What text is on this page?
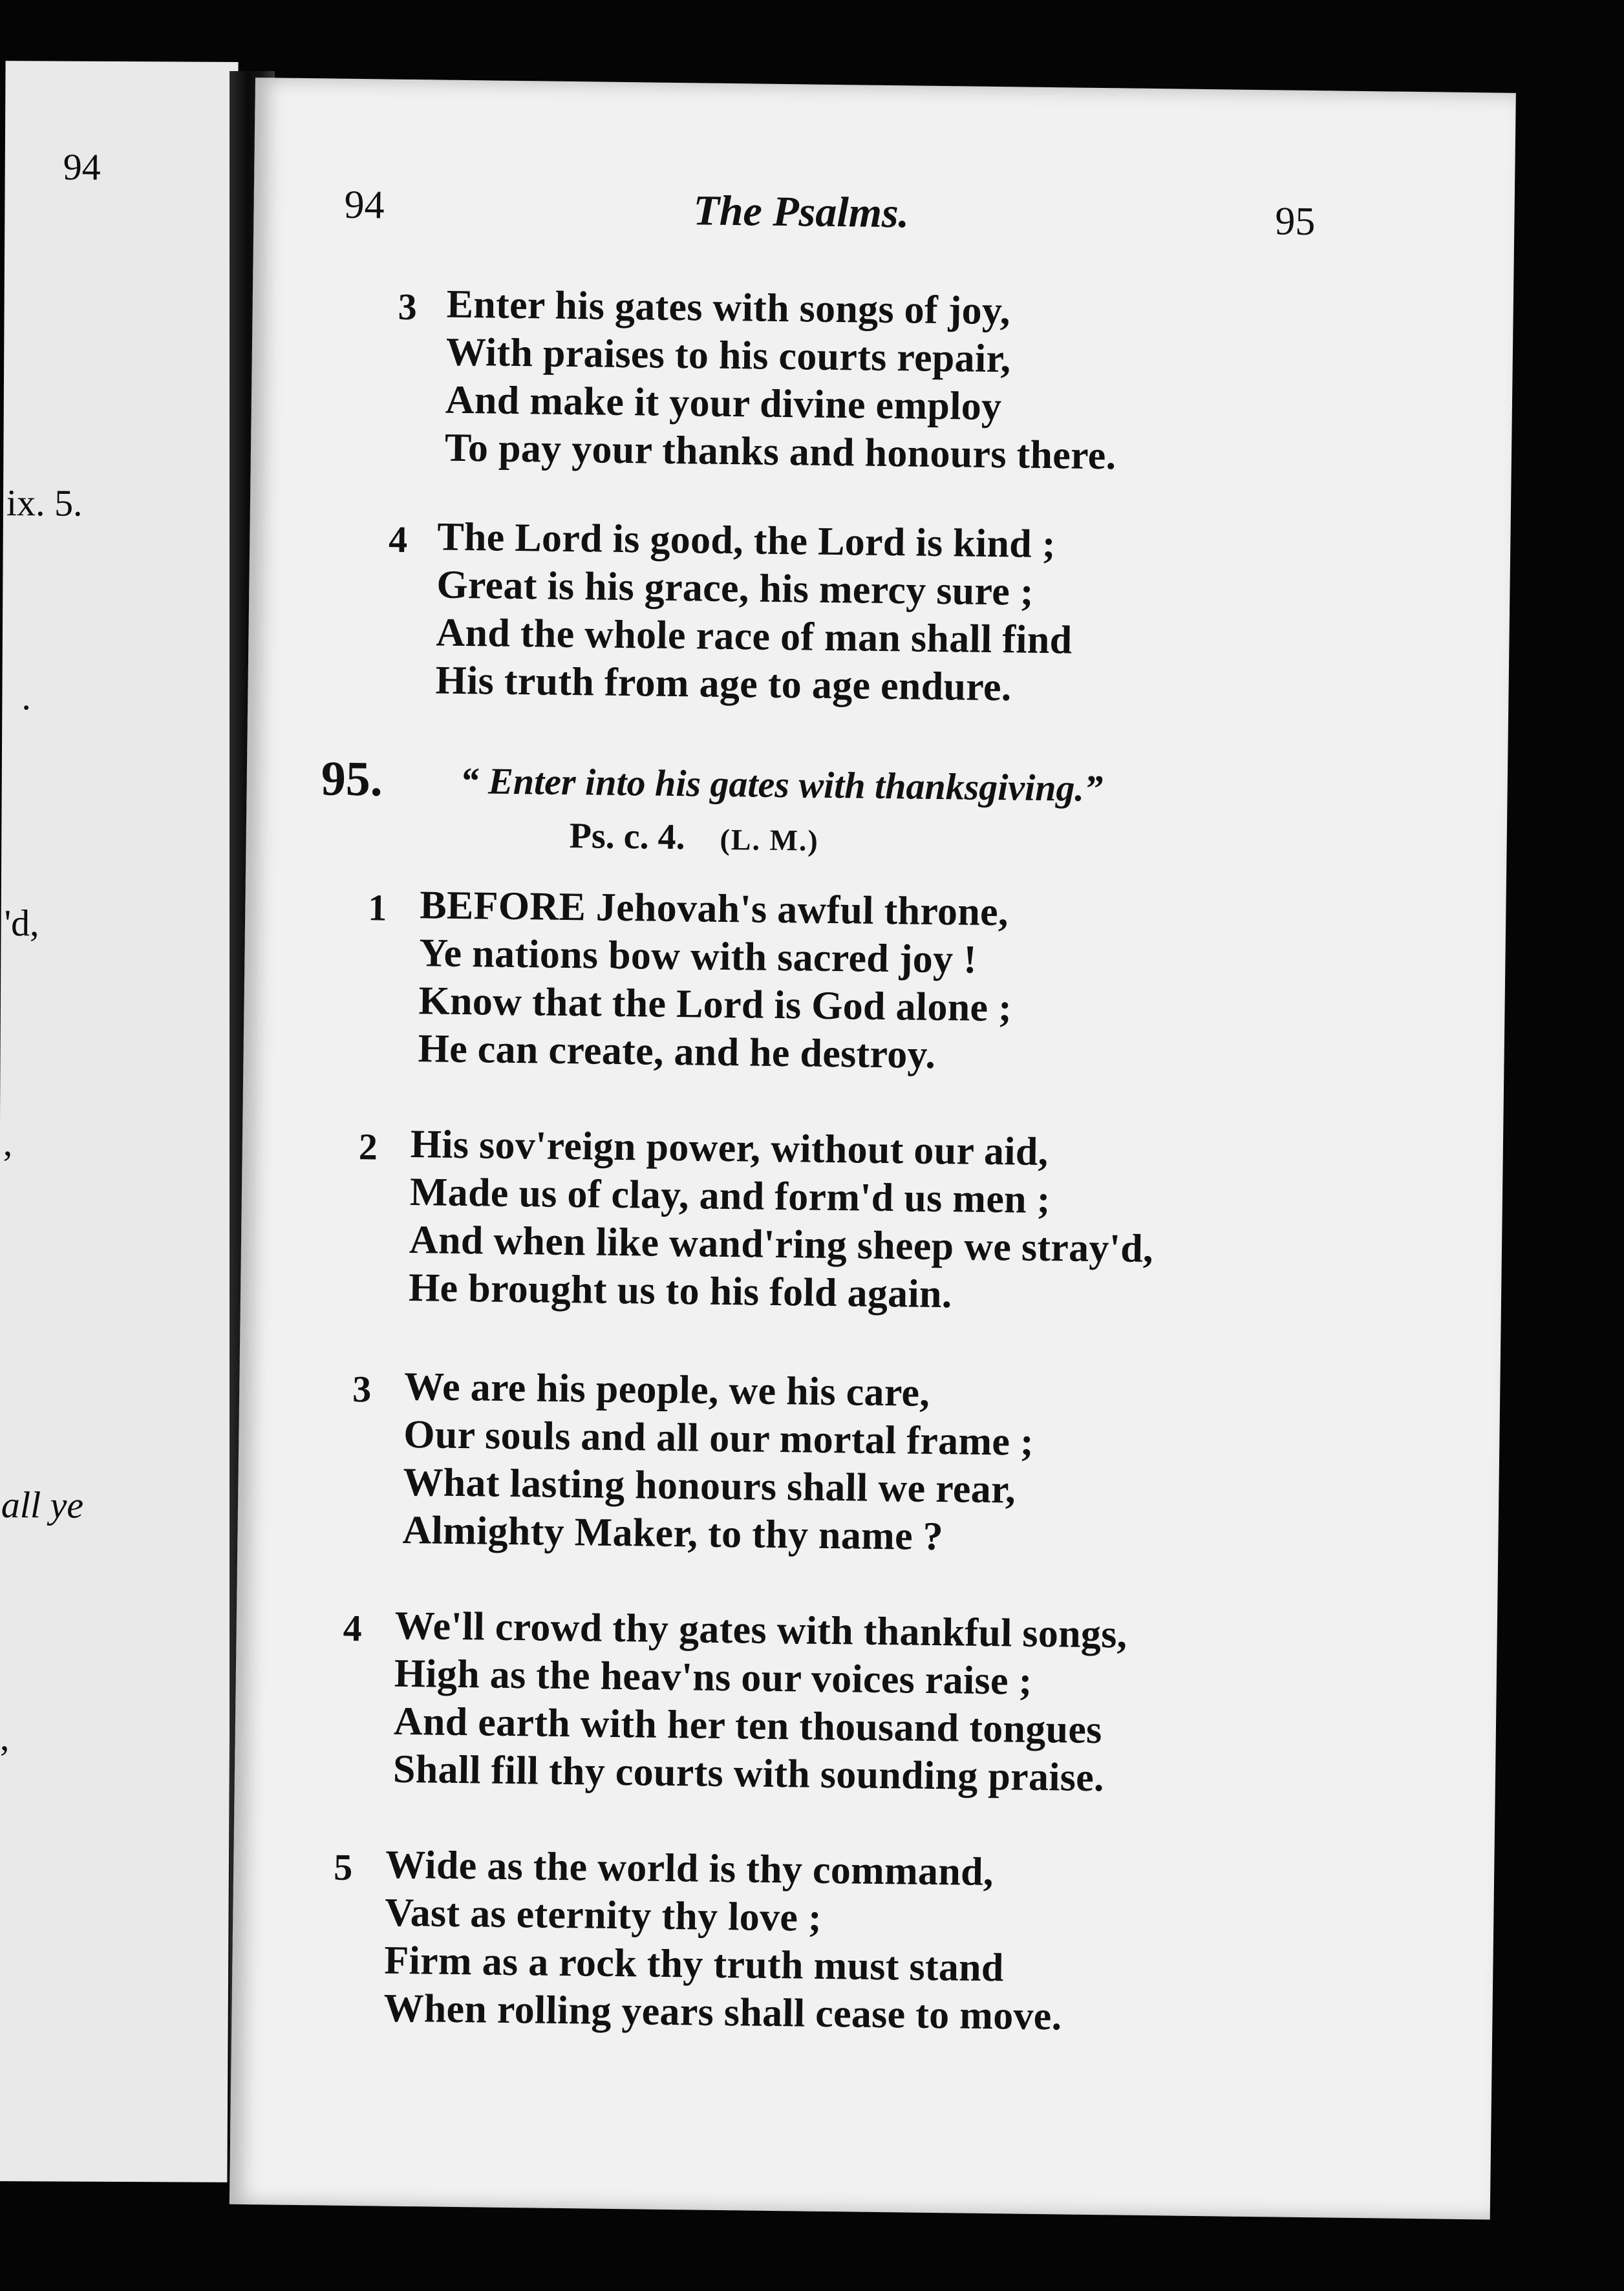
94
ix. 5.
.
'd,
,
all ye
,
94	The Psalms.	95
3 Enter his gates with songs of joy,
With praises to his courts repair,
And make it your divine employ
To pay your thanks and honours there.
4 The Lord is good, the Lord is kind ;
Great is his grace, his mercy sure ;
And the whole race of man shall find
His truth from age to age endure.
95. “ Enter into his gates with thanksgiving.”
Ps. c. 4. (L. M.)
1 BEFORE Jehovah's awful throne,
Ye nations bow with sacred joy !
Know that the Lord is God alone ;
He can create, and he destroy.
2 His sov'reign power, without our aid,
Made us of clay, and form'd us men ;
And when like wand'ring sheep we stray'd,
He brought us to his fold again.
3 We are his people, we his care,
Our souls and all our mortal frame ;
What lasting honours shall we rear,
Almighty Maker, to thy name ?
4 We'll crowd thy gates with thankful songs,
High as the heav'ns our voices raise ;
And earth with her ten thousand tongues
Shall fill thy courts with sounding praise.
5 Wide as the world is thy command,
Vast as eternity thy love ;
Firm as a rock thy truth must stand
When rolling years shall cease to move.
